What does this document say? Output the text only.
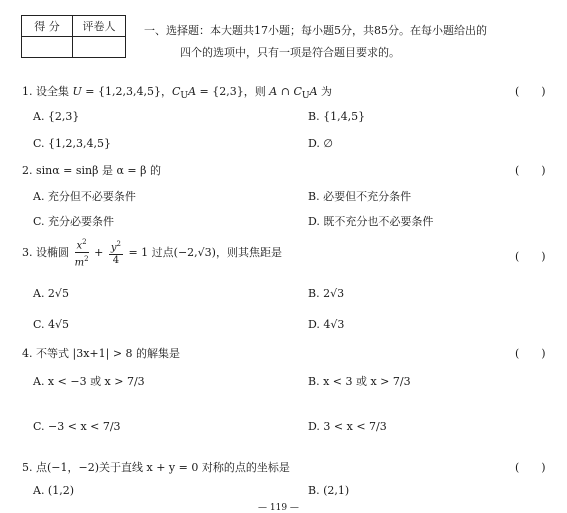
得 分	评卷人
		一、选择题：本大题共17小题；每小题5分，共85分。在每小题给出的
四个的选项中，只有一项是符合题目要求的。
1. 设全集 U = {1,2,3,4,5}，$C_UA = \{2,3\}$，则 A ∩ $C_UA$ 为	(　　)
A. {2,3}	B. {1,4,5}
C. {1,2,3,4,5}	D. ∅
2. sinα = sinβ 是 α = β 的	(　　)
A. 充分但不必要条件	B. 必要但不充分条件
C. 充分必要条件	D. 既不充分也不必要条件
3. 设椭圆 $\frac{x^2}{m^2} + \frac{y^2}{4} = 1$ 过点(−2,√3)，则其焦距是	(　　)
A. 2√5	B. 2√3
C. 4√5	D. 4√3
4. 不等式 |3x+1| > 8 的解集是	(　　)
A. x < −3 或 x > 7/3	B. x < 3 或 x > 7/3
C. −3 < x < 7/3	D. 3 < x < 7/3
5. 点(−1，−2)关于直线 x + y = 0 对称的点的坐标是	(　　)
A. (1,2)	B. (2,1)
— 119 —
